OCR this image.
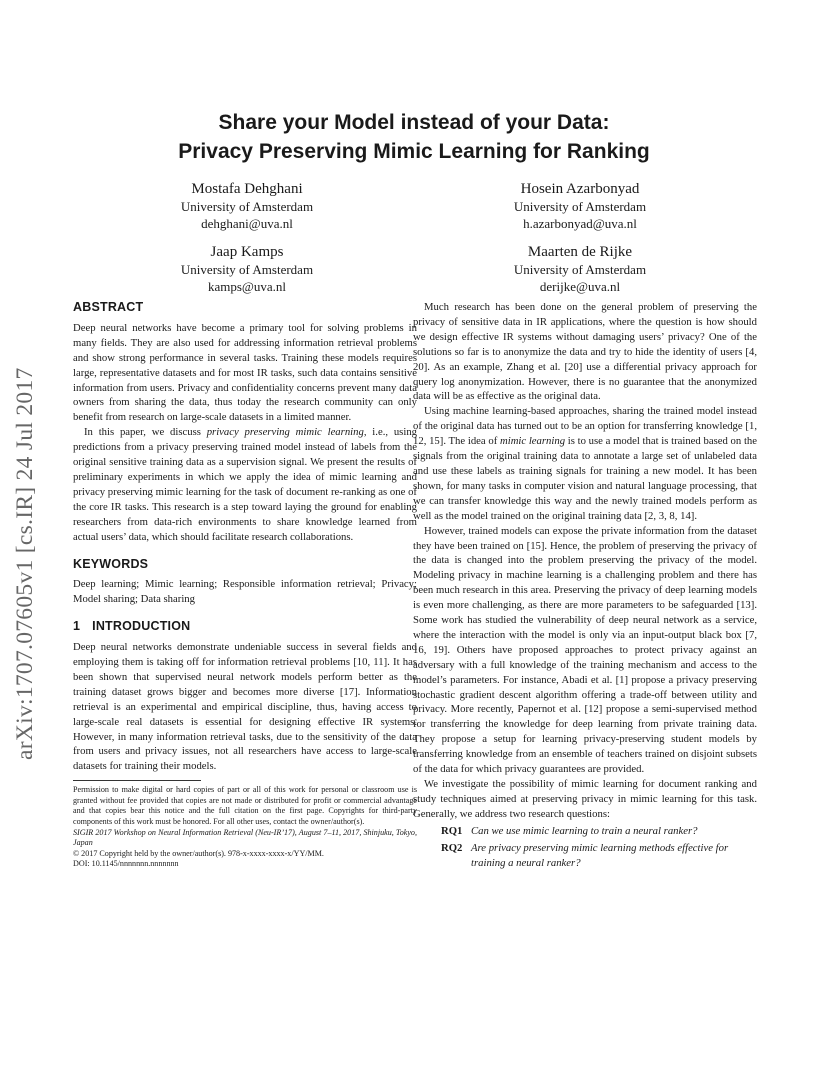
arXiv:1707.07605v1 [cs.IR] 24 Jul 2017
Share your Model instead of your Data:
Privacy Preserving Mimic Learning for Ranking
Mostafa Dehghani
University of Amsterdam
dehghani@uva.nl
Hosein Azarbonyad
University of Amsterdam
h.azarbonyad@uva.nl
Jaap Kamps
University of Amsterdam
kamps@uva.nl
Maarten de Rijke
University of Amsterdam
derijke@uva.nl
ABSTRACT

Deep neural networks have become a primary tool for solving problems in many fields. They are also used for addressing information retrieval problems and show strong performance in several tasks. Training these models requires large, representative datasets and for most IR tasks, such data contains sensitive information from users. Privacy and confidentiality concerns prevent many data owners from sharing the data, thus today the research community can only benefit from research on large-scale datasets in a limited manner.

In this paper, we discuss privacy preserving mimic learning, i.e., using predictions from a privacy preserving trained model instead of labels from the original sensitive training data as a supervision signal. We present the results of preliminary experiments in which we apply the idea of mimic learning and privacy preserving mimic learning for the task of document re-ranking as one of the core IR tasks. This research is a step toward laying the ground for enabling researchers from data-rich environments to share knowledge learned from actual users’ data, which should facilitate research collaborations.

KEYWORDS

Deep learning; Mimic learning; Responsible information retrieval; Privacy; Model sharing; Data sharing

1 INTRODUCTION

Deep neural networks demonstrate undeniable success in several fields and employing them is taking off for information retrieval problems [10, 11]. It has been shown that supervised neural network models perform better as the training dataset grows bigger and becomes more diverse [17]. Information retrieval is an experimental and empirical discipline, thus, having access to large-scale real datasets is essential for designing effective IR systems. However, in many information retrieval tasks, due to the sensitivity of the data from users and privacy issues, not all researchers have access to large-scale datasets for training their models.

Permission to make digital or hard copies of part or all of this work for personal or classroom use is granted without fee provided that copies are not made or distributed for profit or commercial advantage and that copies bear this notice and the full citation on the first page. Copyrights for third-party components of this work must be honored. For all other uses, contact the owner/author(s).
SIGIR 2017 Workshop on Neural Information Retrieval (Neu-IR’17), August 7–11, 2017, Shinjuku, Tokyo, Japan
© 2017 Copyright held by the owner/author(s). 978-x-xxxx-xxxx-x/YY/MM.
DOI: 10.1145/nnnnnnn.nnnnnnn

Much research has been done on the general problem of preserving the privacy of sensitive data in IR applications, where the question is how should we design effective IR systems without damaging users’ privacy? One of the solutions so far is to anonymize the data and try to hide the identity of users [4, 20]. As an example, Zhang et al. [20] use a differential privacy approach for query log anonymization. However, there is no guarantee that the anonymized data will be as effective as the original data.

Using machine learning-based approaches, sharing the trained model instead of the original data has turned out to be an option for transferring knowledge [1, 12, 15]. The idea of mimic learning is to use a model that is trained based on the signals from the original training data to annotate a large set of unlabeled data and use these labels as training signals for training a new model. It has been shown, for many tasks in computer vision and natural language processing, that we can transfer knowledge this way and the newly trained models perform as well as the model trained on the original training data [2, 3, 8, 14].

However, trained models can expose the private information from the dataset they have been trained on [15]. Hence, the problem of preserving the privacy of the data is changed into the problem preserving the privacy of the model. Modeling privacy in machine learning is a challenging problem and there has been much research in this area. Preserving the privacy of deep learning models is even more challenging, as there are more parameters to be safeguarded [13]. Some work has studied the vulnerability of deep neural network as a service, where the interaction with the model is only via an input-output black box [7, 16, 19]. Others have proposed approaches to protect privacy against an adversary with a full knowledge of the training mechanism and access to the model’s parameters. For instance, Abadi et al. [1] propose a privacy preserving stochastic gradient descent algorithm offering a trade-off between utility and privacy. More recently, Papernot et al. [12] propose a semi-supervised method for transferring the knowledge for deep learning from private training data. They propose a setup for learning privacy-preserving student models by transferring knowledge from an ensemble of teachers trained on disjoint subsets of the data for which privacy guarantees are provided.

We investigate the possibility of mimic learning for document ranking and study techniques aimed at preserving privacy in mimic learning for this task. Generally, we address two research questions:

RQ1 Can we use mimic learning to train a neural ranker?
RQ2 Are privacy preserving mimic learning methods effective for training a neural ranker?
